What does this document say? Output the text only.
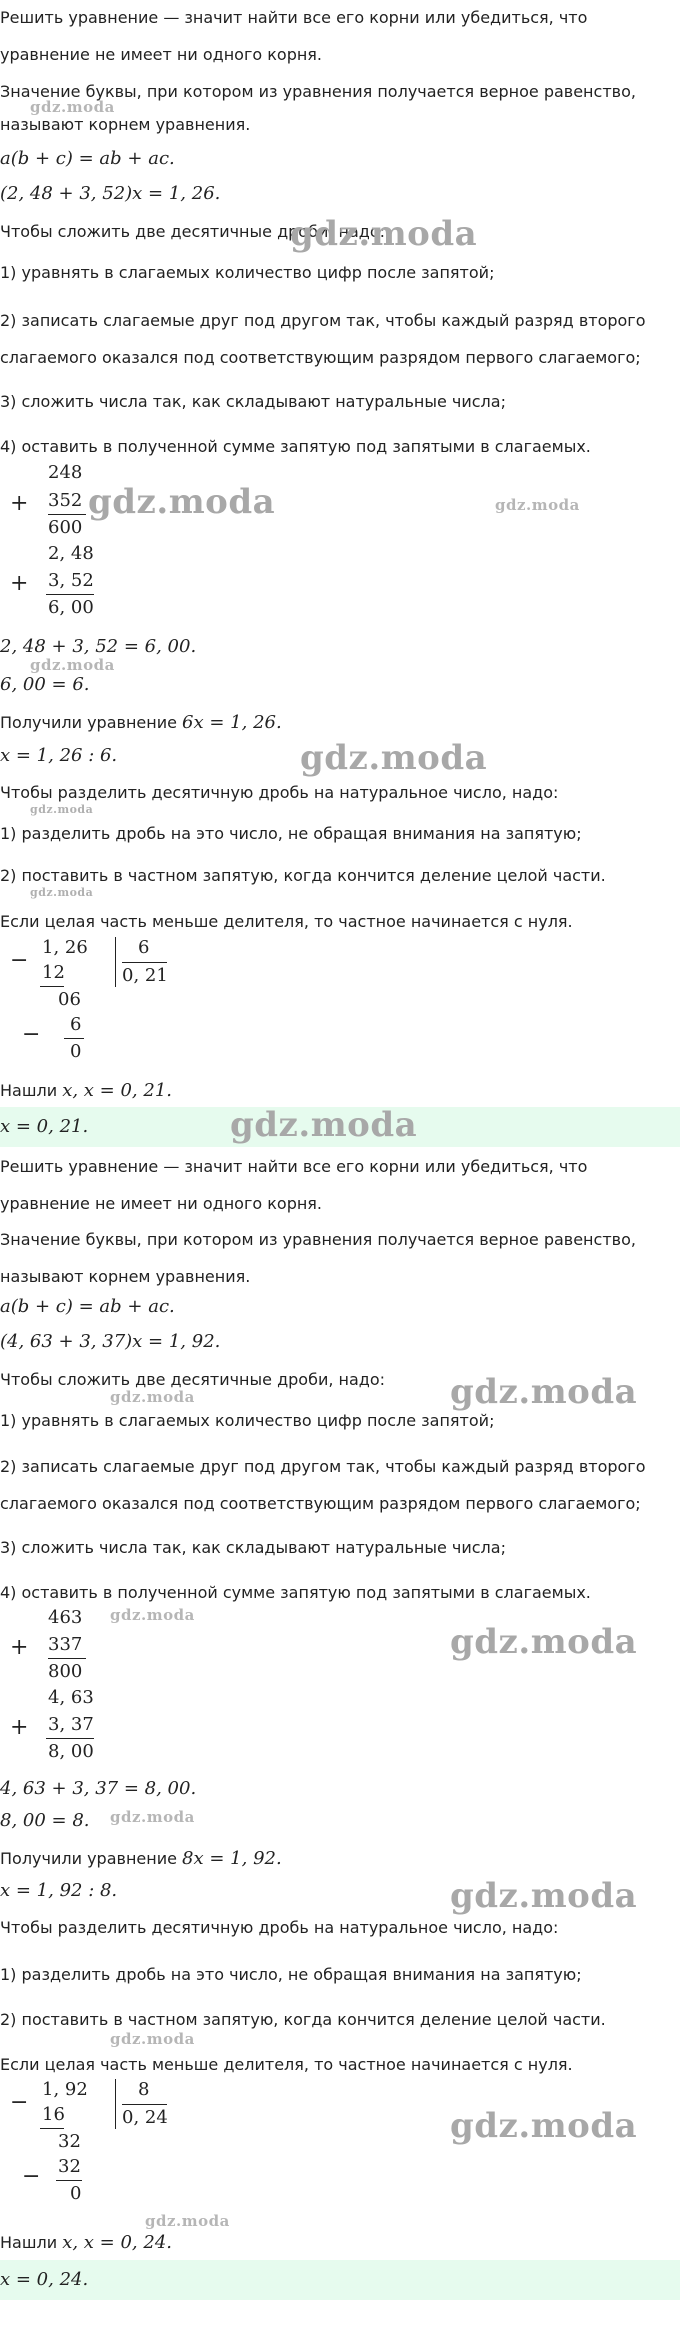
Решить уравнение — значит найти все его корни или убедиться, что
уравнение не имеет ни одного корня.
Значение буквы, при котором из уравнения получается верное равенство,
gdz.moda
называют корнем уравнения.
a(b + c) = ab + ac.
(2, 48 + 3, 52)x = 1, 26.
Чтобы сложить две десятичные дроби, надо:
gdz.moda
1) уравнять в слагаемых количество цифр после запятой;
2) записать слагаемые друг под другом так, чтобы каждый разряд второго
слагаемого оказался под соответствующим разрядом первого слагаемого;
3) сложить числа так, как складывают натуральные числа;
4) оставить в полученной сумме запятую под запятыми в слагаемых.
248
+ 352
600
gdz.moda	gdz.moda
2, 48
+ 3, 52
6, 00
2, 48 + 3, 52 = 6, 00.
gdz.moda
6, 00 = 6.
Получили уравнение 6x = 1, 26.
x = 1, 26 : 6.	gdz.moda
Чтобы разделить десятичную дробь на натуральное число, надо:
gdz.moda
1) разделить дробь на это число, не обращая внимания на запятую;
2) поставить в частном запятую, когда кончится деление целой части.
gdz.moda
Если целая часть меньше делителя, то частное начинается с нуля.
−
1, 26	6
0, 21
12
06
− 6
0
Нашли x, x = 0, 21.
x = 0, 21.	gdz.moda
Решить уравнение — значит найти все его корни или убедиться, что
уравнение не имеет ни одного корня.
Значение буквы, при котором из уравнения получается верное равенство,
называют корнем уравнения.
a(b + c) = ab + ac.
(4, 63 + 3, 37)x = 1, 92.
Чтобы сложить две десятичные дроби, надо:
gdz.moda	gdz.moda
1) уравнять в слагаемых количество цифр после запятой;
2) записать слагаемые друг под другом так, чтобы каждый разряд второго
слагаемого оказался под соответствующим разрядом первого слагаемого;
3) сложить числа так, как складывают натуральные числа;
4) оставить в полученной сумме запятую под запятыми в слагаемых.
463
+ 337
800
gdz.moda
gdz.moda
4, 63
+ 3, 37
8, 00
4, 63 + 3, 37 = 8, 00.
8, 00 = 8. gdz.moda
Получили уравнение 8x = 1, 92.
x = 1, 92 : 8.	gdz.moda
Чтобы разделить десятичную дробь на натуральное число, надо:
1) разделить дробь на это число, не обращая внимания на запятую;
2) поставить в частном запятую, когда кончится деление целой части.
gdz.moda
Если целая часть меньше делителя, то частное начинается с нуля.
−
1, 92	8
0, 24
16
32
− 32
0
gdz.moda
gdz.moda
Нашли x, x = 0, 24.
x = 0, 24.
